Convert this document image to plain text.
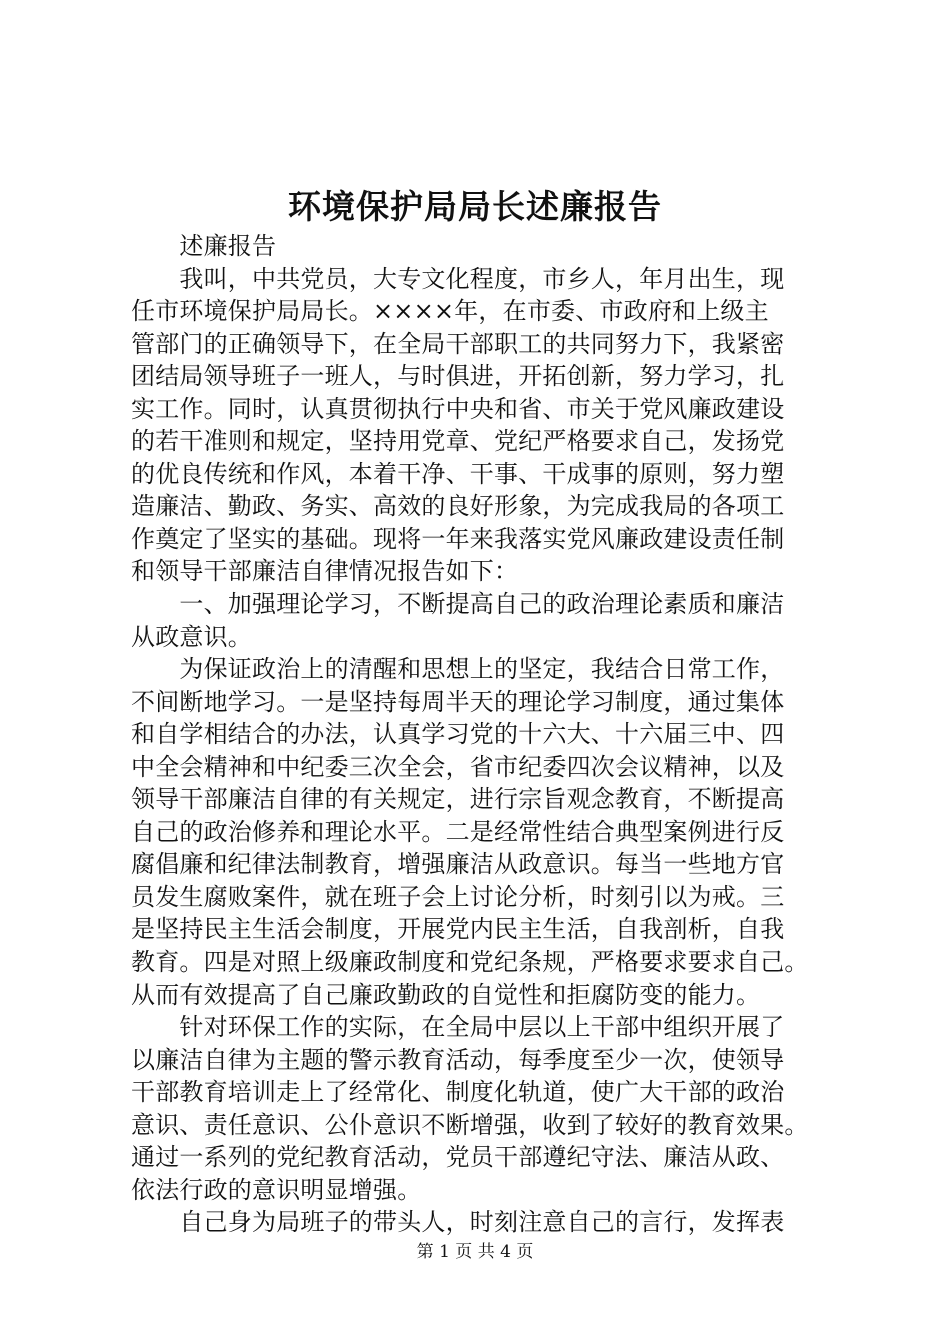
环境保护局局长述廉报告
　　述廉报告
　　我叫，中共党员，大专文化程度，市乡人，年月出生，现
任市环境保护局局长。××××年，在市委、市政府和上级主
管部门的正确领导下，在全局干部职工的共同努力下，我紧密
团结局领导班子一班人，与时俱进，开拓创新，努力学习，扎
实工作。同时，认真贯彻执行中央和省、市关于党风廉政建设
的若干准则和规定，坚持用党章、党纪严格要求自己，发扬党
的优良传统和作风，本着干净、干事、干成事的原则，努力塑
造廉洁、勤政、务实、高效的良好形象，为完成我局的各项工
作奠定了坚实的基础。现将一年来我落实党风廉政建设责任制
和领导干部廉洁自律情况报告如下：
　　一、加强理论学习，不断提高自己的政治理论素质和廉洁
从政意识。
　　为保证政治上的清醒和思想上的坚定，我结合日常工作，
不间断地学习。一是坚持每周半天的理论学习制度，通过集体
和自学相结合的办法，认真学习党的十六大、十六届三中、四
中全会精神和中纪委三次全会，省市纪委四次会议精神，以及
领导干部廉洁自律的有关规定，进行宗旨观念教育，不断提高
自己的政治修养和理论水平。二是经常性结合典型案例进行反
腐倡廉和纪律法制教育，增强廉洁从政意识。每当一些地方官
员发生腐败案件，就在班子会上讨论分析，时刻引以为戒。三
是坚持民主生活会制度，开展党内民主生活，自我剖析，自我
教育。四是对照上级廉政制度和党纪条规，严格要求要求自己。
从而有效提高了自己廉政勤政的自觉性和拒腐防变的能力。
　　针对环保工作的实际，在全局中层以上干部中组织开展了
以廉洁自律为主题的警示教育活动，每季度至少一次，使领导
干部教育培训走上了经常化、制度化轨道，使广大干部的政治
意识、责任意识、公仆意识不断增强，收到了较好的教育效果。
通过一系列的党纪教育活动，党员干部遵纪守法、廉洁从政、
依法行政的意识明显增强。
　　自己身为局班子的带头人，时刻注意自己的言行，发挥表
第 1 页 共 4 页
